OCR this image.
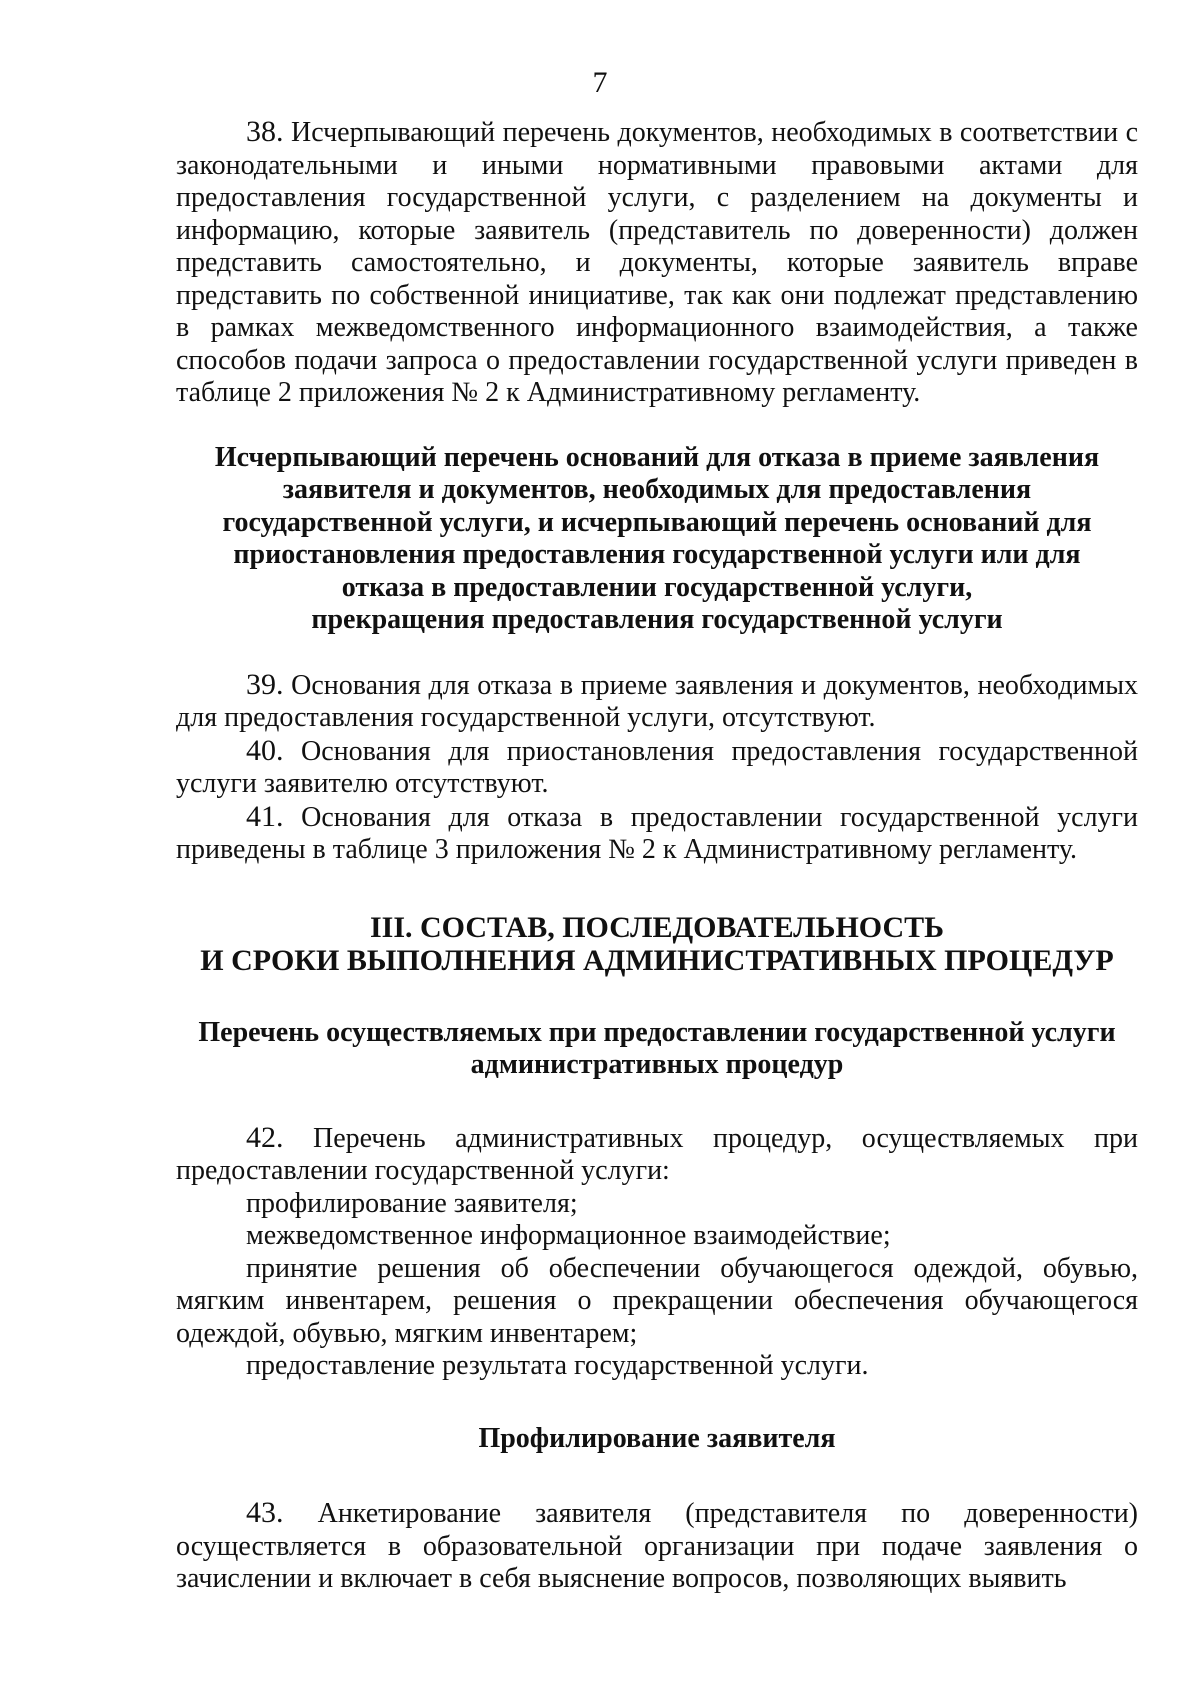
7

38. Исчерпывающий перечень документов, необходимых в соответствии с законодательными и иными нормативными правовыми актами для предоставления государственной услуги, с разделением на документы и информацию, которые заявитель (представитель по доверенности) должен представить самостоятельно, и документы, которые заявитель вправе представить по собственной инициативе, так как они подлежат представлению в рамках межведомственного информационного взаимодействия, а также способов подачи запроса о предоставлении государственной услуги приведен в таблице 2 приложения № 2 к Административному регламенту.

Исчерпывающий перечень оснований для отказа в приеме заявления
заявителя и документов, необходимых для предоставления
государственной услуги, и исчерпывающий перечень оснований для
приостановления предоставления государственной услуги или для
отказа в предоставлении государственной услуги,
прекращения предоставления государственной услуги

39. Основания для отказа в приеме заявления и документов, необходимых для предоставления государственной услуги, отсутствуют.

40. Основания для приостановления предоставления государственной услуги заявителю отсутствуют.

41. Основания для отказа в предоставлении государственной услуги приведены в таблице 3 приложения № 2 к Административному регламенту.

III. СОСТАВ, ПОСЛЕДОВАТЕЛЬНОСТЬ
И СРОКИ ВЫПОЛНЕНИЯ АДМИНИСТРАТИВНЫХ ПРОЦЕДУР
Перечень осуществляемых при предоставлении государственной услуги
административных процедур

42. Перечень административных процедур, осуществляемых при предоставлении государственной услуги:

профилирование заявителя;

межведомственное информационное взаимодействие;

принятие решения об обеспечении обучающегося одеждой, обувью, мягким инвентарем, решения о прекращении обеспечения обучающегося одеждой, обувью, мягким инвентарем;

предоставление результата государственной услуги.

Профилирование заявителя

43. Анкетирование заявителя (представителя по доверенности) осуществляется в образовательной организации при подаче заявления о зачислении и включает в себя выяснение вопросов, позволяющих выявить
